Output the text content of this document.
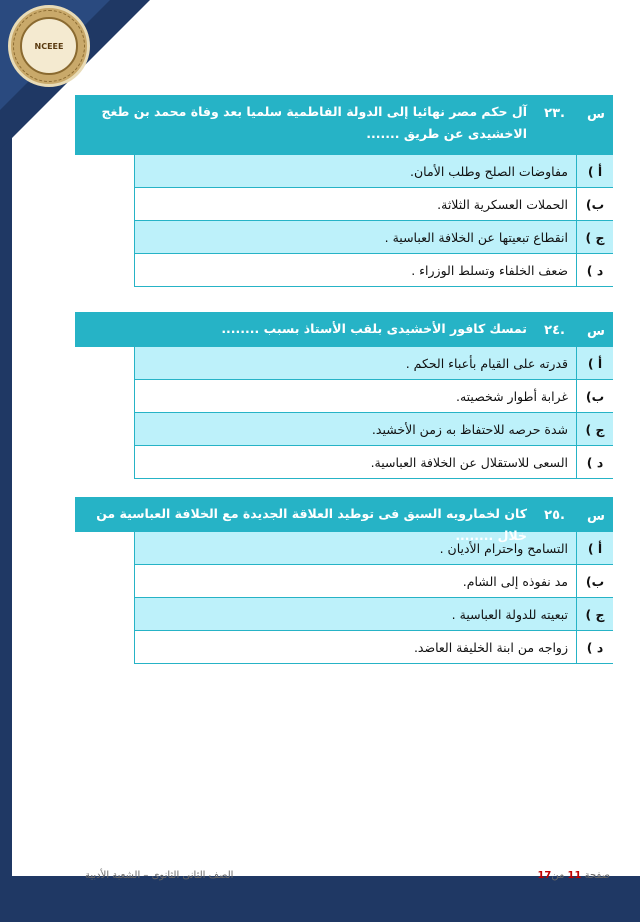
NCEEE
س
.٢٣
آل حكم مصر نهائيا إلى الدولة الفاطمية سلميا بعد وفاة محمد بن طغج الاخشيدى عن طريق .......
أ )
مفاوضات الصلح وطلب الأمان.
ب)
الحملات العسكرية الثلاثة.
ج )
انقطاع تبعيتها عن الخلافة العباسية .
د )
ضعف الخلفاء وتسلط الوزراء .
س
.٢٤
تمسك كافور الأخشيدى بلقب الأستاذ بسبب ........
أ )
قدرته على القيام بأعباء الحكم .
ب)
غرابة أطوار شخصيته.
ج )
شدة حرصه للاحتفاظ به زمن الأخشيد.
د )
السعى للاستقلال عن الخلافة العباسية.
س
.٢٥
كان لخمارويه السبق فى توطيد العلاقة الجديدة مع الخلافة العباسية من خلال ........
أ )
التسامح واحترام الأديان .
ب)
مد نفوذه إلى الشام.
ج )
تبعيته للدولة العباسية .
د )
زواجه من ابنة الخليفة العاضد.
الصف الثانى الثانوى – الشعبة الأدبية	صفحة 11 من17
